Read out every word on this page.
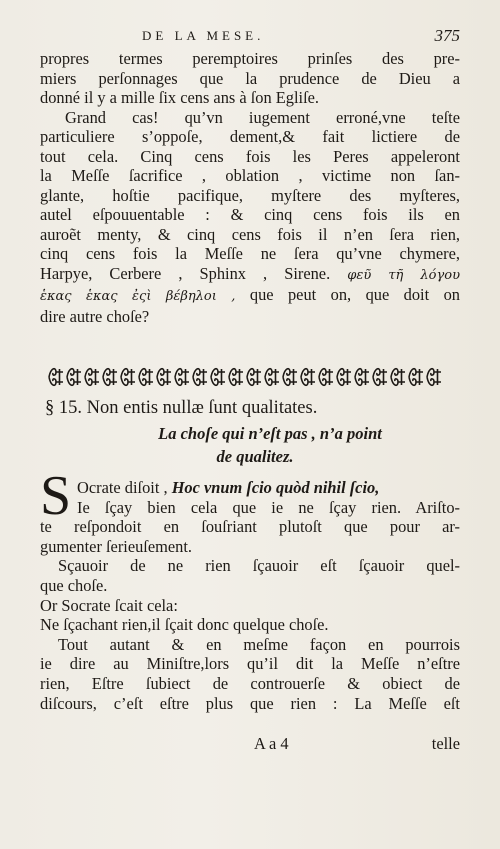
DE LA MESE.	375
propres termes peremptoires prinſes des pre-
miers perſonnages que la prudence de Dieu a
donné il y a mille ſix cens ans à ſon Egliſe.
Grand cas! qu’vn iugement erroné,vne teſte
particuliere s’oppoſe, dement,& fait lictiere de
tout cela. Cinq cens fois les Peres appeleront
la Meſſe ſacrifice , oblation , victime non ſan-
glante, hoſtie pacifique, myſtere des myſteres,
autel eſpouuentable : & cinq cens fois ils en
auroẽt menty, & cinq cens fois il n’en ſera rien,
cinq cens fois la Meſſe ne ſera qu’vne chymere,
Harpye, Cerbere , Sphinx , Sirene. φεῦ τῆ λόγου
ἑκας ἑκας ἐςὶ βέβηλοι , que peut on, que doit on
dire autre choſe?
§ 15. Non entis nullæ ſunt qualitates.
La choſe qui n’eſt pas , n’a point
de qualitez.
S Ocrate diſoit , Hoc vnum ſcio quòd nihil ſcio,
Ie ſçay bien cela que ie ne ſçay rien. Ariſto-
te reſpondoit en ſouſriant plutoſt que pour ar-
gumenter ſerieuſement.
Sçauoir de ne rien ſçauoir eſt ſçauoir quel-
que choſe.
Or Socrate ſcait cela:
Ne ſçachant rien,il ſçait donc quelque choſe.
Tout autant & en meſme façon en pourrois
ie dire au Miniſtre,lors qu’il dit la Meſſe n’eſtre
rien, Eſtre ſubiect de controuerſe & obiect de
diſcours, c’eſt eſtre plus que rien : La Meſſe eſt
A a 4	telle
